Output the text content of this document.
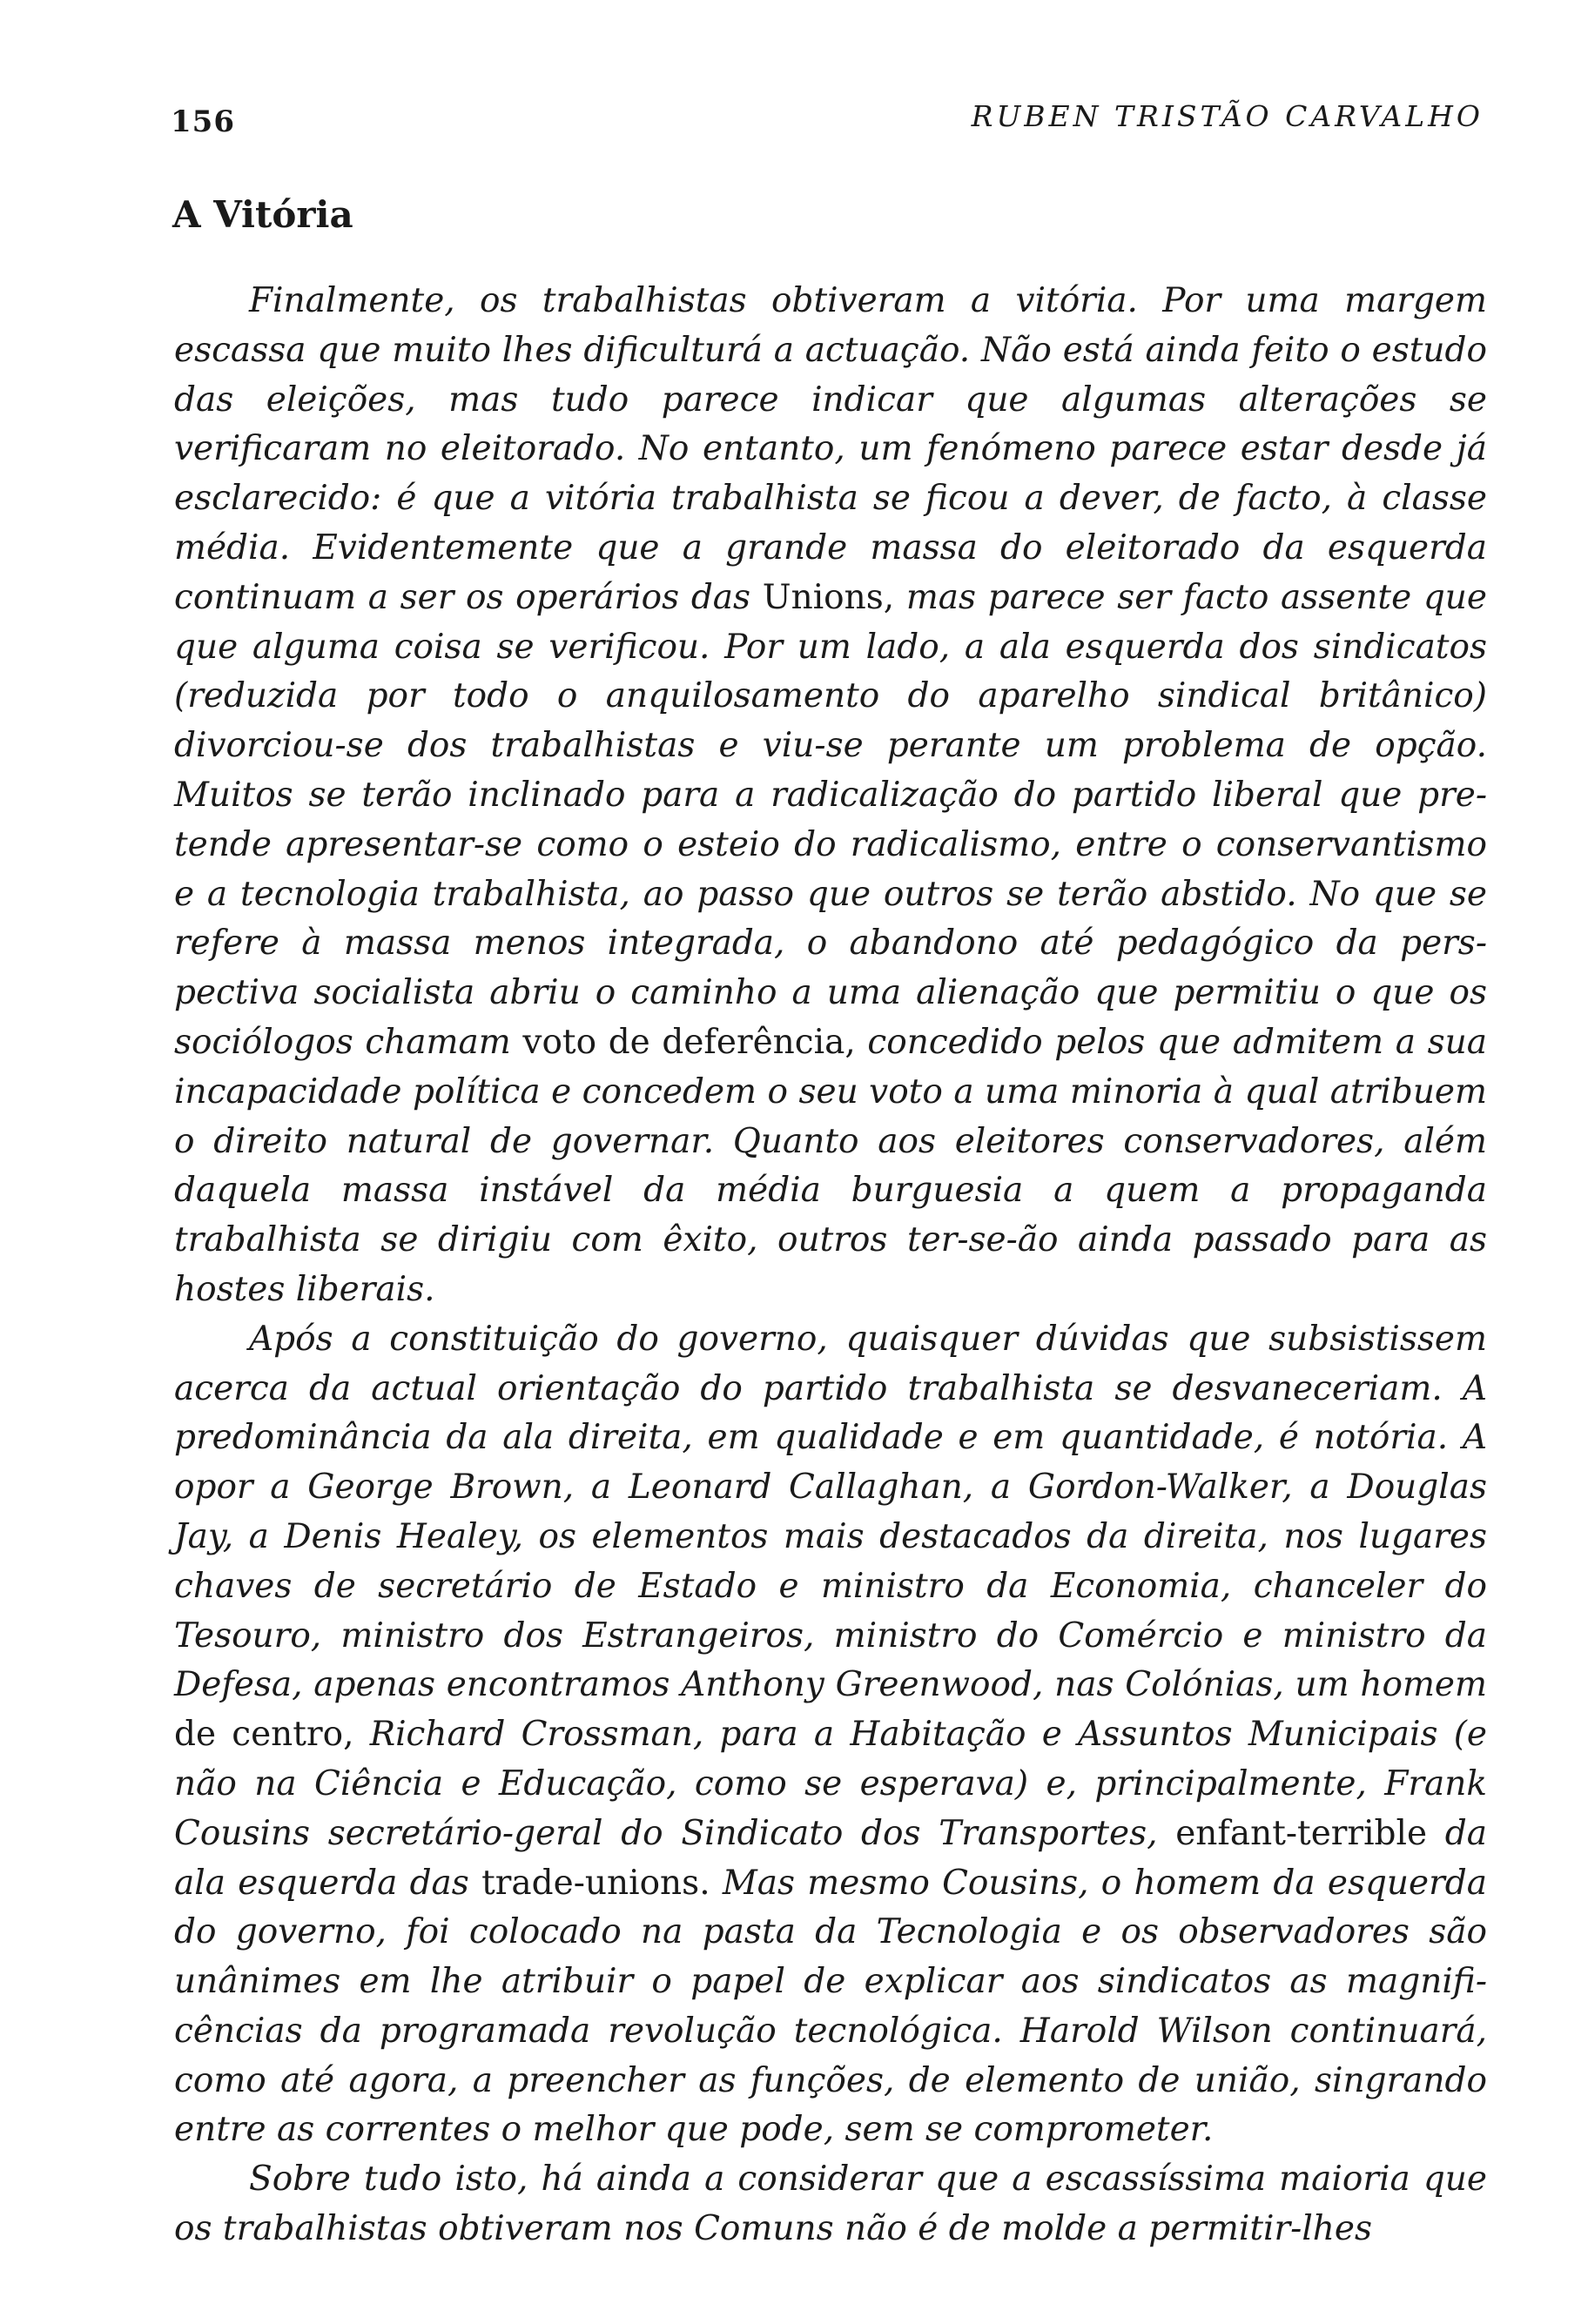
156	RUBEN TRISTÃO CARVALHO
A Vitória

Finalmente, os trabalhistas obtiveram a vitória. Por uma margem escassa que muito lhes dificulturá a actuação. Não está ainda feito o estudo das eleições, mas tudo parece indicar que algumas alterações se verificaram no eleitorado. No entanto, um fenómeno parece estar desde já esclarecido: é que a vitória trabalhista se ficou a dever, de facto, à classe média. Evidentemente que a grande massa do eleitorado da esquerda continuam a ser os operários das Unions, mas parece ser facto assente que que alguma coisa se verificou. Por um lado, a ala esquerda dos sindicatos (reduzida por todo o anquilosamento do aparelho sindical britânico) divorciou-se dos trabalhistas e viu-se perante um problema de opção. Muitos se terão inclinado para a radicalização do partido liberal que pretende apresentar-se como o esteio do radicalismo, entre o conservantismo e a tecnologia trabalhista, ao passo que outros se terão abstido. No que se refere à massa menos integrada, o abandono até pedagógico da perspectiva socialista abriu o caminho a uma alienação que permitiu o que os sociólogos chamam voto de deferência, concedido pelos que admitem a sua incapacidade política e concedem o seu voto a uma minoria à qual atribuem o direito natural de governar. Quanto aos eleitores conservadores, além daquela massa instável da média burguesia a quem a propaganda trabalhista se dirigiu com êxito, outros ter-se-ão ainda passado para as hostes liberais.

Após a constituição do governo, quaisquer dúvidas que subsistissem acerca da actual orientação do partido trabalhista se desvaneceriam. A predominância da ala direita, em qualidade e em quantidade, é notória. A opor a George Brown, a Leonard Callaghan, a Gordon-Walker, a Douglas Jay, a Denis Healey, os elementos mais destacados da direita, nos lugares chaves de secretário de Estado e ministro da Economia, chanceler do Tesouro, ministro dos Estrangeiros, ministro do Comércio e ministro da Defesa, apenas encontramos Anthony Greenwood, nas Colónias, um homem de centro, Richard Crossman, para a Habitação e Assuntos Municipais (e não na Ciência e Educação, como se esperava) e, principalmente, Frank Cousins secretário-geral do Sindicato dos Transportes, enfant-terrible da ala esquerda das trade-unions. Mas mesmo Cousins, o homem da esquerda do governo, foi colocado na pasta da Tecnologia e os observadores são unânimes em lhe atribuir o papel de explicar aos sindicatos as magnificências da programada revolução tecnológica. Harold Wilson continuará, como até agora, a preencher as funções, de elemento de união, singrando entre as correntes o melhor que pode, sem se comprometer.

Sobre tudo isto, há ainda a considerar que a escassíssima maioria que os trabalhistas obtiveram nos Comuns não é de molde a permitir-lhes
